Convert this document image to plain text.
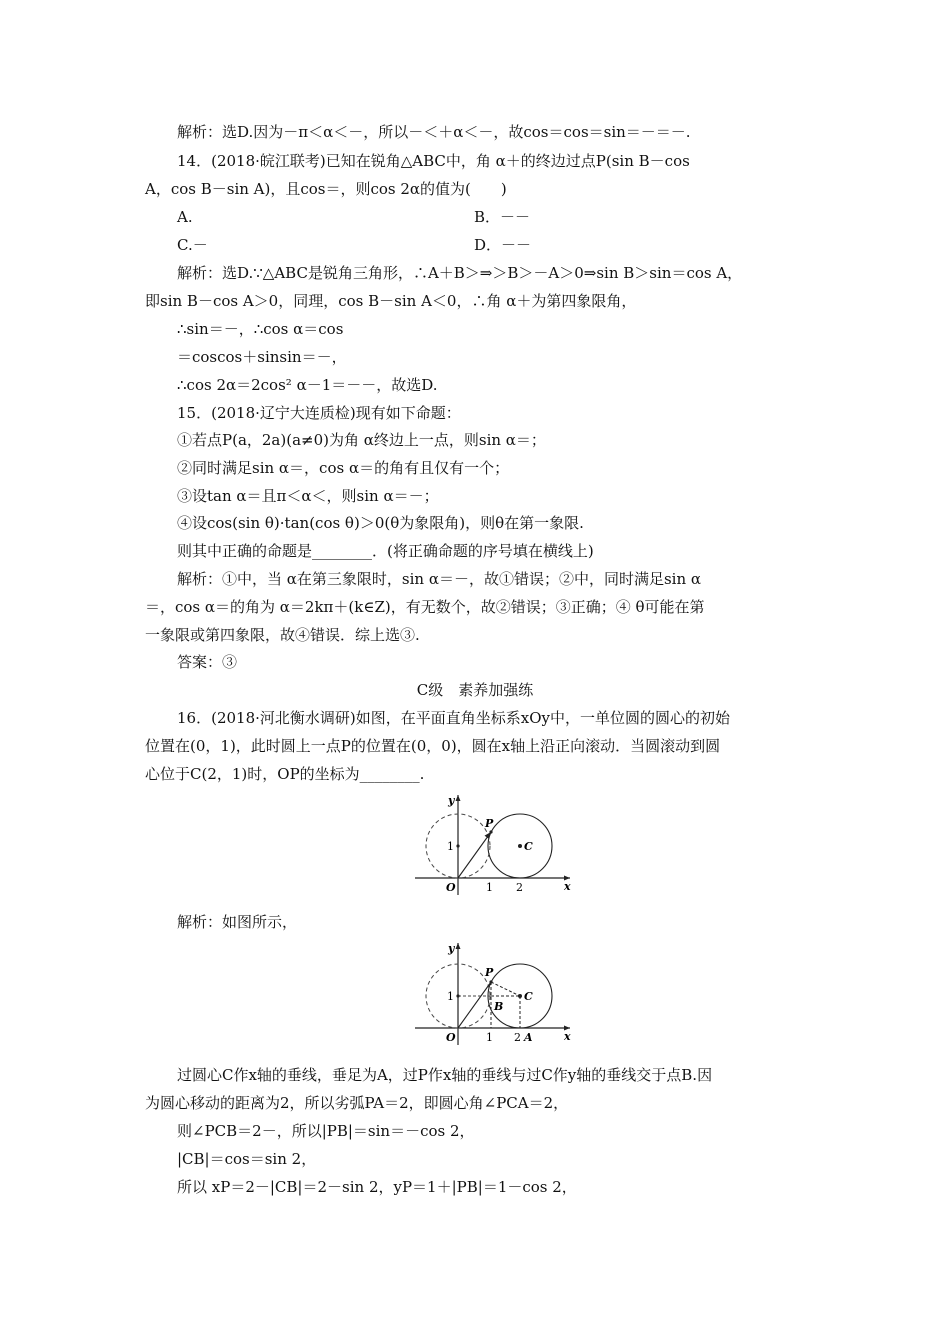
解析：选D.因为－π＜α＜－，所以－＜＋α＜－，故cos＝cos＝sin＝－＝－.
14．(2018·皖江联考)已知在锐角△ABC中，角 α＋的终边过点P(sin B－cos
A，cos B－sin A)，且cos＝，则cos 2α的值为(　　)
A.	B．－－
C.－	D．－－
解析：选D.∵△ABC是锐角三角形，∴A＋B＞⇒＞B＞－A＞0⇒sin B＞sin＝cos A，
即sin B－cos A＞0，同理，cos B－sin A＜0，∴角 α＋为第四象限角，
∴sin＝－，∴cos α＝cos
＝coscos＋sinsin＝－，
∴cos 2α＝2cos² α－1＝－－，故选D.
15．(2018·辽宁大连质检)现有如下命题：
①若点P(a，2a)(a≠0)为角 α终边上一点，则sin α＝；
②同时满足sin α＝，cos α＝的角有且仅有一个；
③设tan α＝且π＜α＜，则sin α＝－；
④设cos(sin θ)·tan(cos θ)＞0(θ为象限角)，则θ在第一象限.
则其中正确的命题是________．(将正确命题的序号填在横线上)
解析：①中，当 α在第三象限时，sin α＝－，故①错误；②中，同时满足sin α
＝，cos α＝的角为 α＝2kπ＋(k∈Z)，有无数个，故②错误；③正确；④ θ可能在第
一象限或第四象限，故④错误．综上选③.
答案：③
C级　素养加强练
16．(2018·河北衡水调研)如图，在平面直角坐标系xOy中，一单位圆的圆心的初始
位置在(0，1)，此时圆上一点P的位置在(0，0)，圆在x轴上沿正向滚动．当圆滚动到圆
心位于C(2，1)时，OP的坐标为________.
y
x
O
1
1 2
P
C
解析：如图所示，
y
x
O
1
1 2 A
P
B
C
过圆心C作x轴的垂线，垂足为A，过P作x轴的垂线与过C作y轴的垂线交于点B.因
为圆心移动的距离为2，所以劣弧PA＝2，即圆心角∠PCA＝2，
则∠PCB＝2－，所以|PB|＝sin＝－cos 2，
|CB|＝cos＝sin 2，
所以 xP＝2－|CB|＝2－sin 2，yP＝1＋|PB|＝1－cos 2，
